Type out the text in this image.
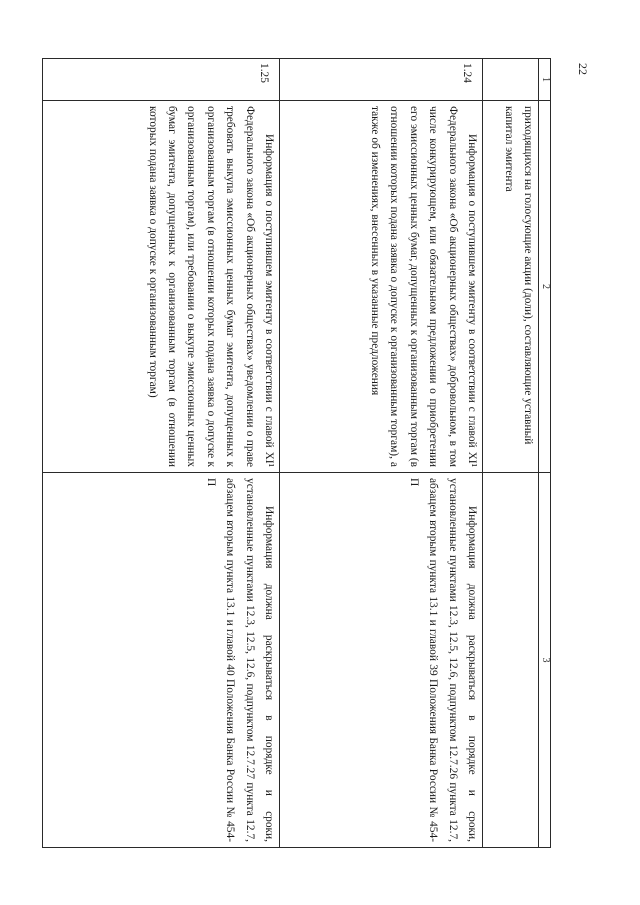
22
1	2	3
	приходящихся на голосующие акции (доли), составляющие уставный капитал эмитента	
1.24	Информация о поступившем эмитенту в соответствии с главой XI¹ Федерального закона «Об акционерных обществах» добровольном, в том числе конкурирующем, или обязательном предложении о приобретении его эмиссионных ценных бумаг, допущенных к организованным торгам (в отношении которых подана заявка о допуске к организованным торгам), а также об изменениях, внесенных в указанные предложения	Информация должна раскрываться в порядке и сроки, установленные пунктами 12.3, 12.5, 12.6, подпунктом 12.7.26 пункта 12.7, абзацем вторым пункта 13.1 и главой 39 Положения Банка России № 454-П

1.25	Информация о поступившем эмитенту в соответствии с главой XI¹ Федерального закона «Об акционерных обществах» уведомлении о праве требовать выкупа эмиссионных ценных бумаг эмитента, допущенных к организованным торгам (в отношении которых подана заявка о допуске к организованным торгам), или требовании о выкупе эмиссионных ценных бумаг эмитента, допущенных к организованным торгам (в отношении которых подана заявка о допуске к организованным торгам)	Информация должна раскрываться в порядке и сроки, установленные пунктами 12.3, 12.5, 12.6, подпунктом 12.7.27 пункта 12.7, абзацем вторым пункта 13.1 и главой 40 Положения Банка России № 454-П
